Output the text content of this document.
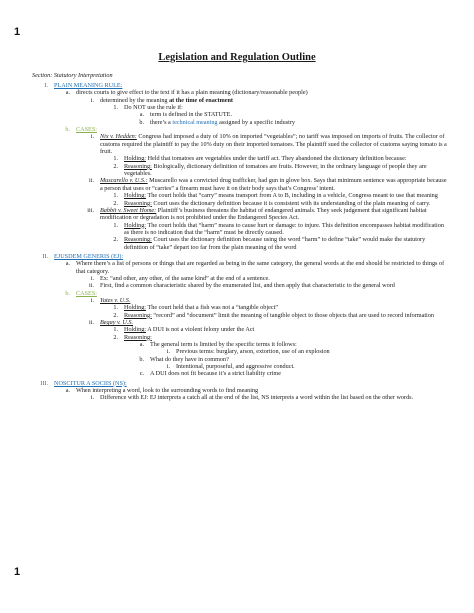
1
Legislation and Regulation Outline
Section: Statutory Interpretation
I. PLAIN MEANING RULE:
a. directs courts to give effect to the text if it has a plain meaning (dictionary/reasonable people)
i. determined by the meaning at the time of enactment
1. Do NOT use the rule if:
a. term is defined in the STATUTE.
b. there’s a technical meaning assigned by a specific industry
b. CASES:
i. Nix v. Hedden: Congress had imposed a duty of 10% on imported “vegetables”; no tariff was imposed on imports of fruits. The collector of customs required the plaintiff to pay the 10% duty on their imported tomatoes. The plaintiff sued the collector of customs saying tomato is a fruit.
1. Holding: Held that tomatoes are vegetables under the tariff act. They abandoned the dictionary definition because:
2. Reasoning: Biologically, dictionary definition of tomatoes are fruits. However, in the ordinary language of people they are vegetables.
ii. Muscarello v. U.S.: Muscarello was a convicted drug trafficker, had gun in glove box. Says that minimum sentence was appropriate because a person that uses or “carries” a firearm must have it on their body says that’s Congress’ intent.
1. Holding: The court holds that “carry” means transport from A to B, including in a vehicle, Congress meant to use that meaning
2. Reasoning: Court uses the dictionary definition because it is consistent with its understanding of the plain meaning of carry.
iii. Babbit v. Sweet Home: Plaintiff’s business threatens the habitat of endangered animals. They seek judgement that significant habitat modification or degradation is not prohibited under the Endangered Species Act.
1. Holding: The court holds that “harm” means to cause hurt or damage: to injure. This definition encompasses habitat modification as there is no indication that the “harm” must be directly caused.
2. Reasoning: Court uses the dictionary definition because using the word “harm” to define “take” would make the statutory definition of “take” depart too far from the plain meaning of the word
II. EJUSDEM GENERIS (EJ):
a. Where there’s a list of persons or things that are regarded as being in the same category, the general words at the end should be restricted to things of that category.
i. Ex: “and other, any other, of the same kind” at the end of a sentence.
ii. First, find a common characteristic shared by the enumerated list, and then apply that characteristic to the general word
b. CASES:
i. Yates v. U.S.
1. Holding: The court held that a fish was not a “tangible object”
2. Reasoning: “record” and “document” limit the meaning of tangible object to those objects that are used to record information
ii. Begay v. U.S.
1. Holding: A DUI is not a violent felony under the Act
2. Reasoning:
a. The general term is limited by the specific terms it follows:
i. Previous terms: burglary, arson, extortion, use of an explosion
b. What do they have in common?
i. Intentional, purposeful, and aggressive conduct.
c. A DUI does not fit because it’s a strict liability crime
III. NOSCITUR A SOCIIS (NS):
a. When interpreting a word, look to the surrounding words to find meaning
i. Difference with EJ: EJ interprets a catch all at the end of the list, NS interprets a word within the list based on the other words.
1
